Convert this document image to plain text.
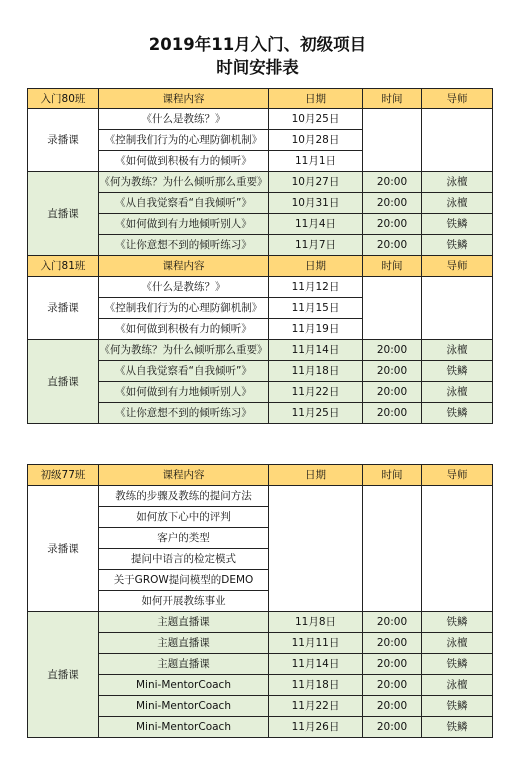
2019年11月入门、初级项目
时间安排表
入门80班	课程内容	日期	时间	导师
录播课	《什么是教练？》	10月25日		
	《控制我们行为的心理防御机制》	10月28日		
	《如何做到积极有力的倾听》	11月1日		
直播课	《何为教练？为什么倾听那么重要》	10月27日	20:00	泳檀
	《从自我觉察看“自我倾听”》	10月31日	20:00	泳檀
	《如何做到有力地倾听别人》	11月4日	20:00	铁鳞
	《让你意想不到的倾听练习》	11月7日	20:00	铁鳞
入门81班	课程内容	日期	时间	导师
录播课	《什么是教练？》	11月12日		
	《控制我们行为的心理防御机制》	11月15日		
	《如何做到积极有力的倾听》	11月19日		
直播课	《何为教练？为什么倾听那么重要》	11月14日	20:00	泳檀
	《从自我觉察看“自我倾听”》	11月18日	20:00	铁鳞
	《如何做到有力地倾听别人》	11月22日	20:00	泳檀
	《让你意想不到的倾听练习》	11月25日	20:00	铁鳞
初级77班	课程内容	日期	时间	导师
录播课	教练的步骤及教练的提问方法			
	如何放下心中的评判			
	客户的类型			
	提问中语言的检定模式			
	关于GROW提问模型的DEMO			
	如何开展教练事业			
直播课	主题直播课	11月8日	20:00	铁鳞
	主题直播课	11月11日	20:00	泳檀
	主题直播课	11月14日	20:00	铁鳞
	Mini-MentorCoach	11月18日	20:00	泳檀
	Mini-MentorCoach	11月22日	20:00	铁鳞
	Mini-MentorCoach	11月26日	20:00	铁鳞
